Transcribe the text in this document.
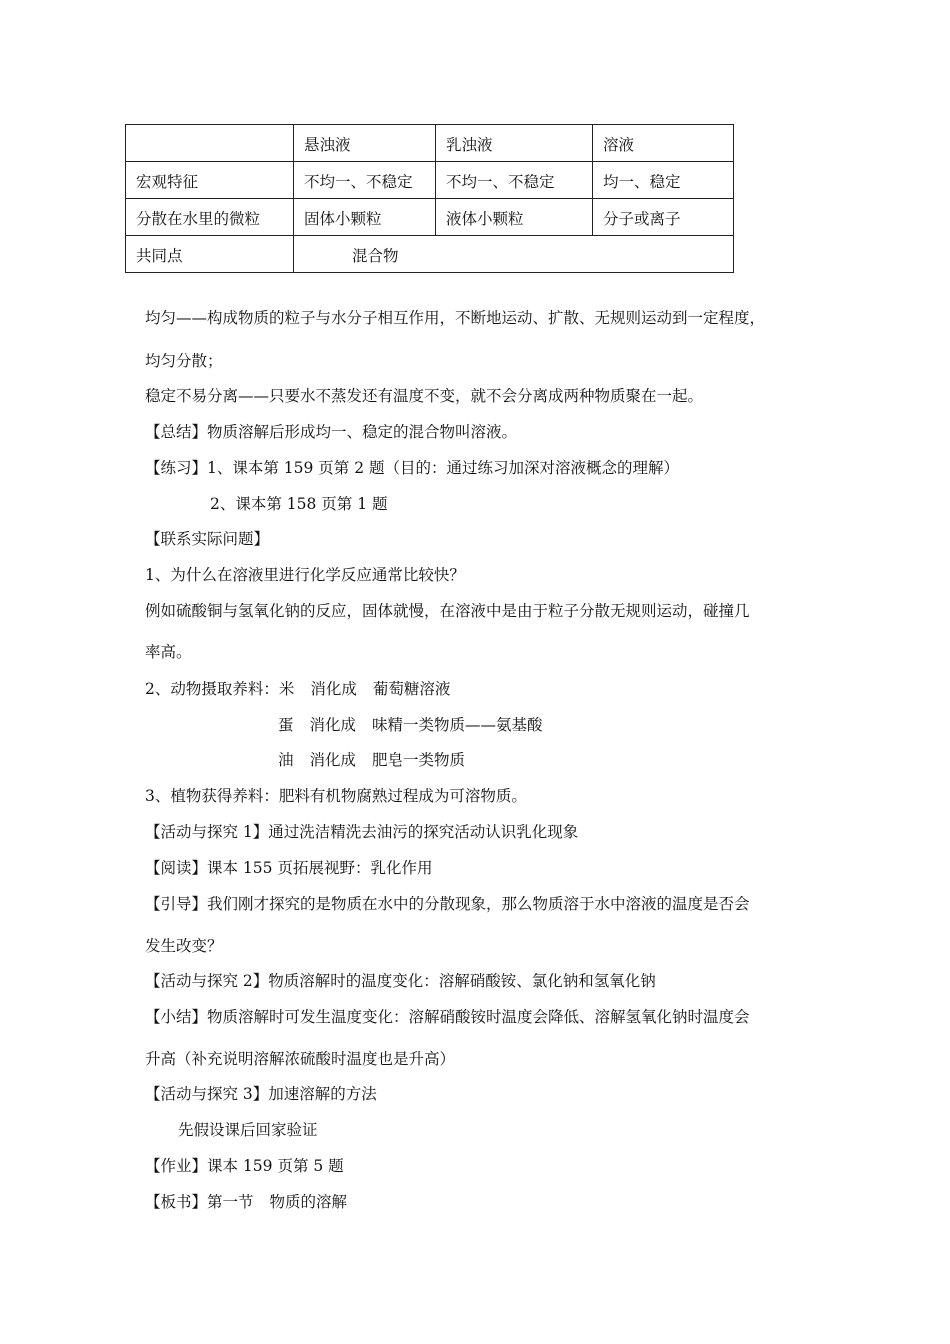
	悬浊液	乳浊液	溶液
宏观特征	不均一、不稳定	不均一、不稳定	均一、稳定
分散在水里的微粒	固体小颗粒	液体小颗粒	分子或离子
共同点	混合物		
均匀——构成物质的粒子与水分子相互作用，不断地运动、扩散、无规则运动到一定程度，
均匀分散；
稳定不易分离——只要水不蒸发还有温度不变，就不会分离成两种物质聚在一起。
【总结】物质溶解后形成均一、稳定的混合物叫溶液。
【练习】1、课本第 159 页第 2 题（目的：通过练习加深对溶液概念的理解）
2、课本第 158 页第 1 题
【联系实际问题】
1、为什么在溶液里进行化学反应通常比较快？
例如硫酸铜与氢氧化钠的反应，固体就慢，在溶液中是由于粒子分散无规则运动，碰撞几
率高。
2、动物摄取养料：米 消化成 葡萄糖溶液
蛋 消化成 味精一类物质——氨基酸
油 消化成 肥皂一类物质
3、植物获得养料：肥料有机物腐熟过程成为可溶物质。
【活动与探究 1】通过洗洁精洗去油污的探究活动认识乳化现象
【阅读】课本 155 页拓展视野：乳化作用
【引导】我们刚才探究的是物质在水中的分散现象，那么物质溶于水中溶液的温度是否会
发生改变？
【活动与探究 2】物质溶解时的温度变化：溶解硝酸铵、氯化钠和氢氧化钠
【小结】物质溶解时可发生温度变化：溶解硝酸铵时温度会降低、溶解氢氧化钠时温度会
升高（补充说明溶解浓硫酸时温度也是升高）
【活动与探究 3】加速溶解的方法
先假设课后回家验证
【作业】课本 159 页第 5 题
【板书】第一节 物质的溶解
